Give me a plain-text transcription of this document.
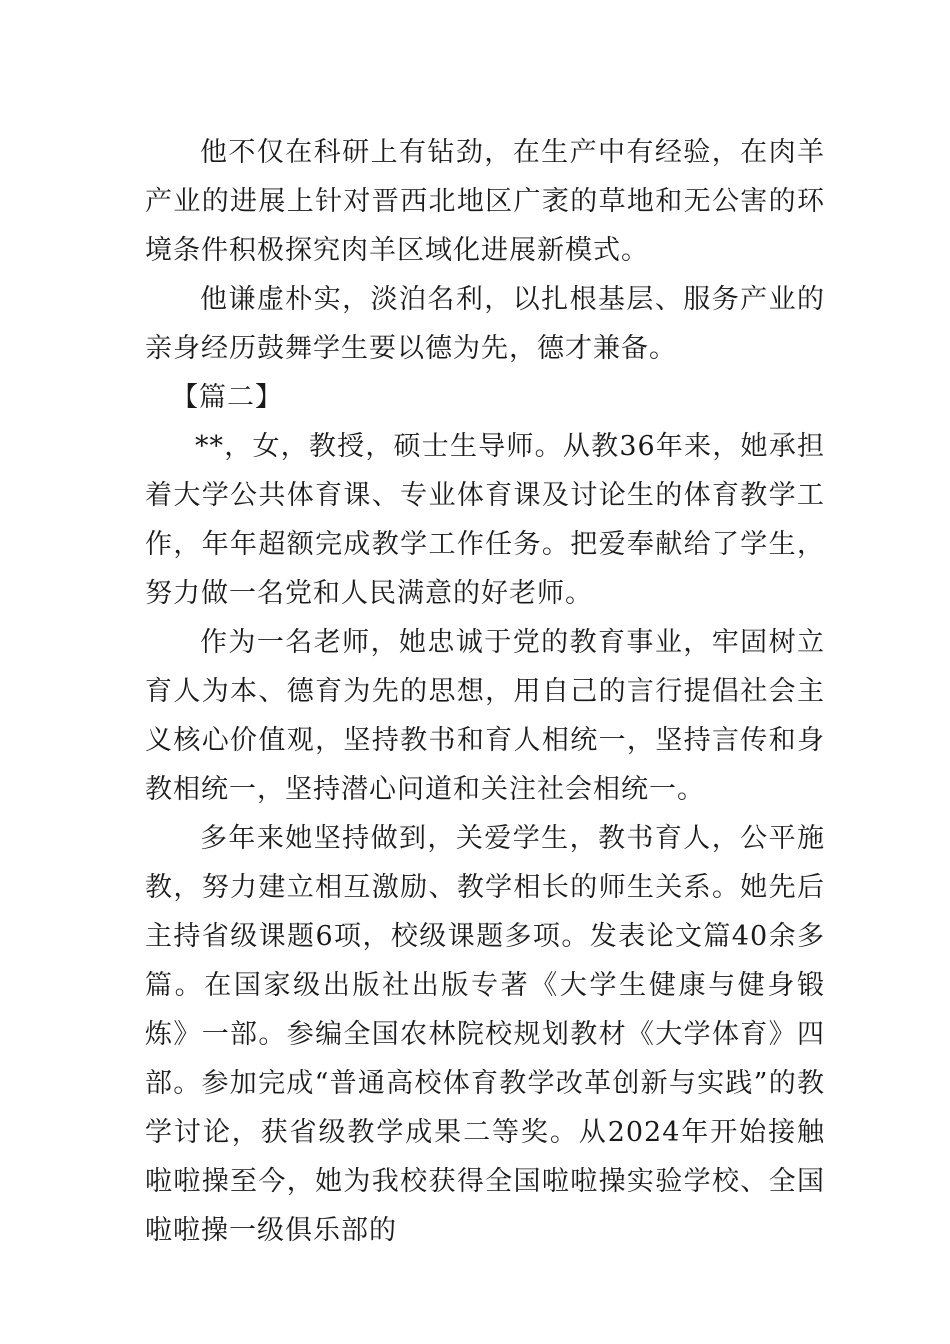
他不仅在科研上有钻劲，在生产中有经验，在肉羊产业的进展上针对晋西北地区广袤的草地和无公害的环境条件积极探究肉羊区域化进展新模式。

他谦虚朴实，淡泊名利，以扎根基层、服务产业的亲身经历鼓舞学生要以德为先，德才兼备。

【篇二】

**，女，教授，硕士生导师。从教36年来，她承担着大学公共体育课、专业体育课及讨论生的体育教学工作，年年超额完成教学工作任务。把爱奉献给了学生，努力做一名党和人民满意的好老师。

作为一名老师，她忠诚于党的教育事业，牢固树立育人为本、德育为先的思想，用自己的言行提倡社会主义核心价值观，坚持教书和育人相统一，坚持言传和身教相统一，坚持潜心问道和关注社会相统一。

多年来她坚持做到，关爱学生，教书育人，公平施教，努力建立相互激励、教学相长的师生关系。她先后主持省级课题6项，校级课题多项。发表论文篇40余多篇。在国家级出版社出版专著《大学生健康与健身锻炼》一部。参编全国农林院校规划教材《大学体育》四部。参加完成“普通高校体育教学改革创新与实践”的教学讨论，获省级教学成果二等奖。从2024年开始接触啦啦操至今，她为我校获得全国啦啦操实验学校、全国啦啦操一级俱乐部的
